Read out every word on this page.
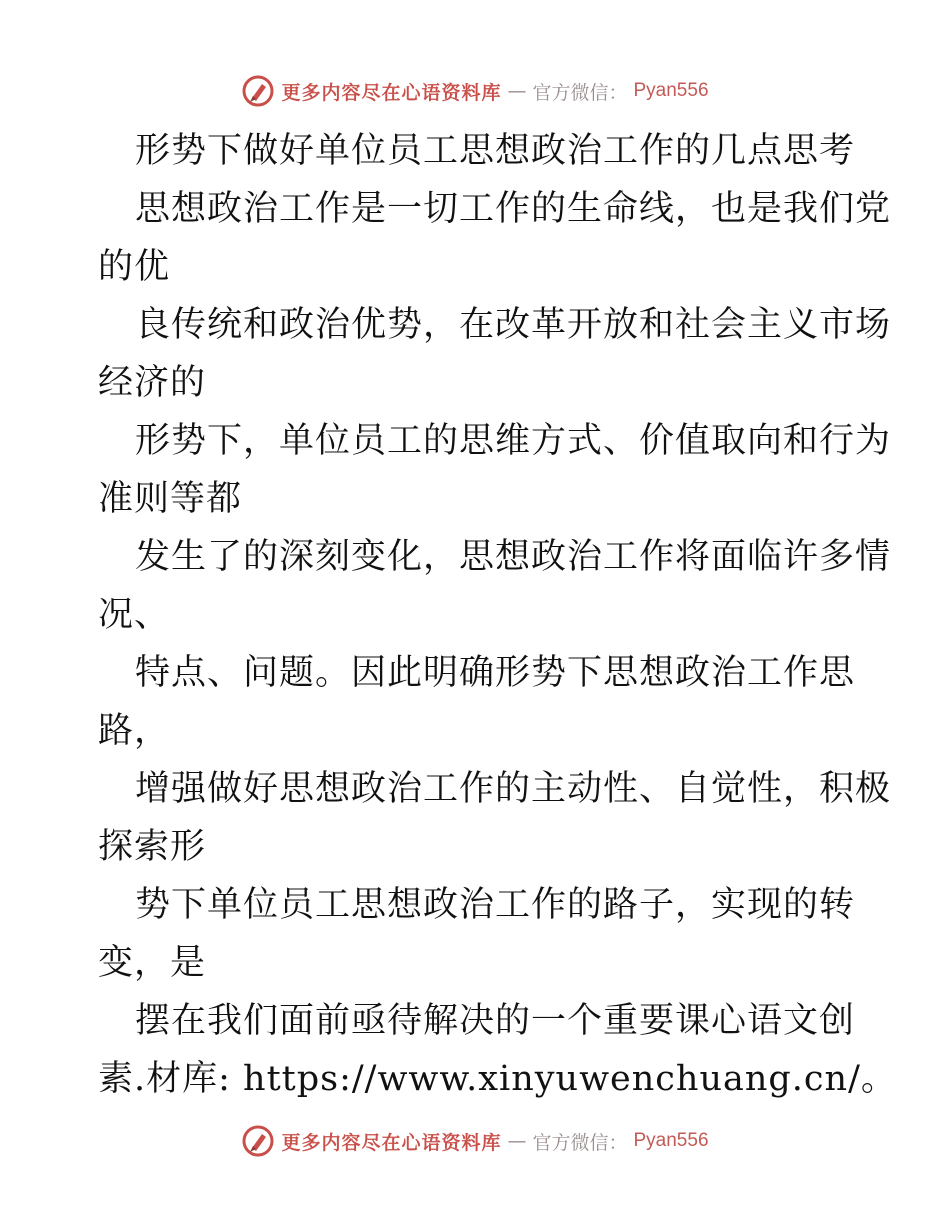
更多内容尽在心语资料库 — 官方微信： Pyan556
形势下做好单位员工思想政治工作的几点思考
思想政治工作是一切工作的生命线，也是我们党
的优
良传统和政治优势，在改革开放和社会主义市场
经济的
形势下，单位员工的思维方式、价值取向和行为
准则等都
发生了的深刻变化，思想政治工作将面临许多情
况、
特点、问题。因此明确形势下思想政治工作思
路，
增强做好思想政治工作的主动性、自觉性，积极
探索形
势下单位员工思想政治工作的路子，实现的转
变，是
摆在我们面前亟待解决的一个重要课心语文创
素.材库: https://www.xinyuwenchuang.cn/。
更多内容尽在心语资料库 — 官方微信： Pyan556
